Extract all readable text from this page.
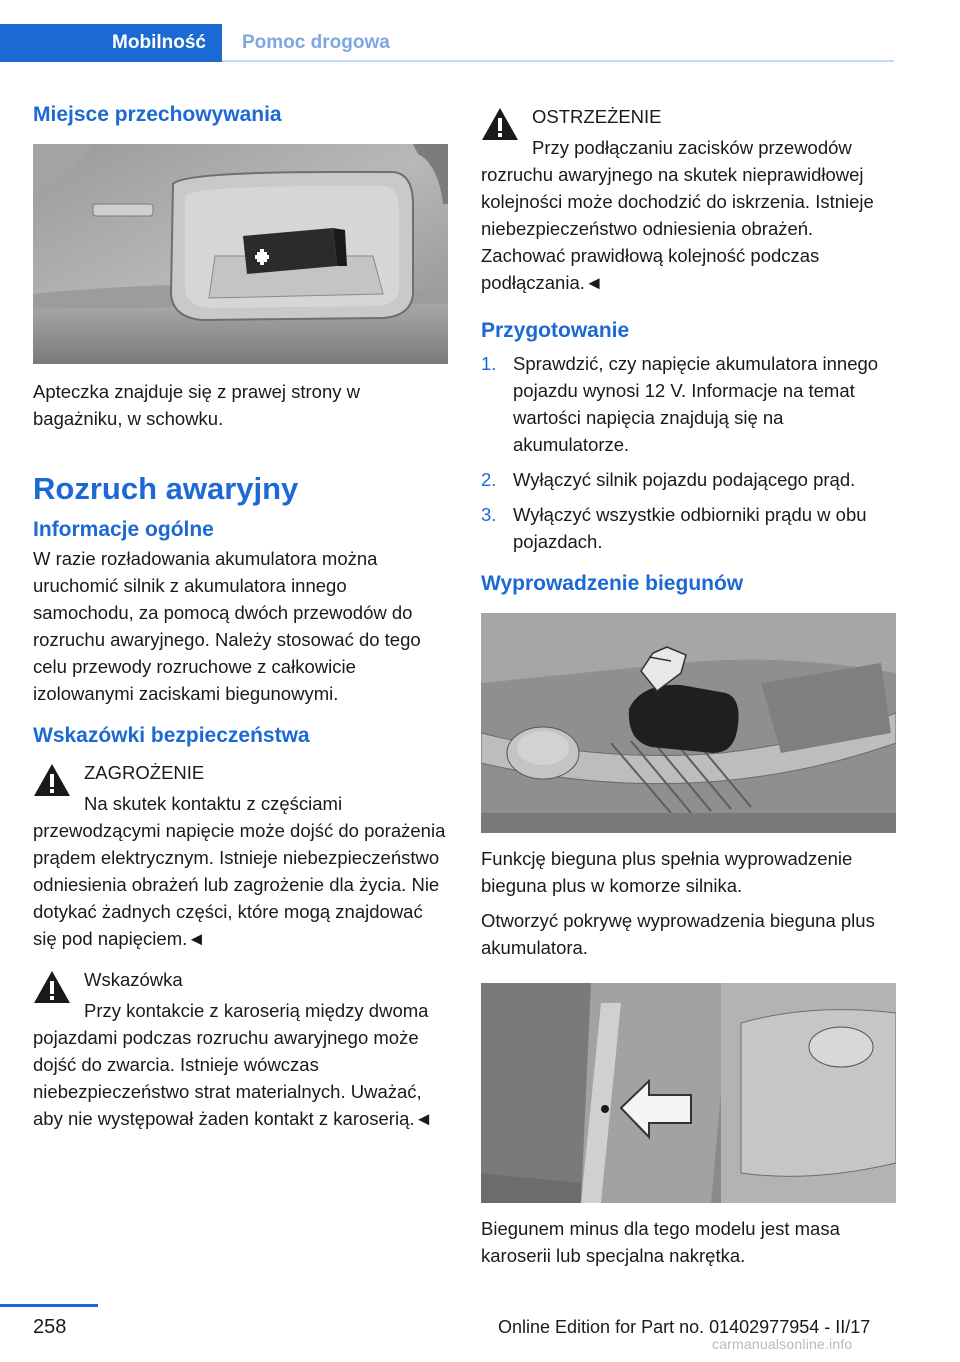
Mobilność	Pomoc drogowa
Miejsce przechowywania
Apteczka znajduje się z prawej strony w bagażniku, w schowku.
Rozruch awaryjny
Informacje ogólne
W razie rozładowania akumulatora można uruchomić silnik z akumulatora innego samochodu, za pomocą dwóch przewodów do rozruchu awaryjnego. Należy stosować do tego celu przewody rozruchowe z całkowicie izolowanymi zaciskami biegunowymi.
Wskazówki bezpieczeństwa
ZAGROŻENIE
Na skutek kontaktu z częściami przewodzącymi napięcie może dojść do porażenia prądem elektrycznym. Istnieje niebezpieczeństwo odniesienia obrażeń lub zagrożenie dla życia. Nie dotykać żadnych części, które mogą znajdować się pod napięciem.◄
Wskazówka
Przy kontakcie z karoserią między dwoma pojazdami podczas rozruchu awaryjnego może dojść do zwarcia. Istnieje wówczas niebezpieczeństwo strat materialnych. Uważać, aby nie występował żaden kontakt z karoserią.◄
OSTRZEŻENIE
Przy podłączaniu zacisków przewodów rozruchu awaryjnego na skutek nieprawidłowej kolejności może dochodzić do iskrzenia. Istnieje niebezpieczeństwo odniesienia obrażeń. Zachować prawidłową kolejność podczas podłączania.◄
Przygotowanie
1. Sprawdzić, czy napięcie akumulatora innego pojazdu wynosi 12 V. Informacje na temat wartości napięcia znajdują się na akumulatorze.
2. Wyłączyć silnik pojazdu podającego prąd.
3. Wyłączyć wszystkie odbiorniki prądu w obu pojazdach.
Wyprowadzenie biegunów
Funkcję bieguna plus spełnia wyprowadzenie bieguna plus w komorze silnika.
Otworzyć pokrywę wyprowadzenia bieguna plus akumulatora.
Biegunem minus dla tego modelu jest masa karoserii lub specjalna nakrętka.
258	Online Edition for Part no. 01402977954 - II/17
carmanualsonline.info
